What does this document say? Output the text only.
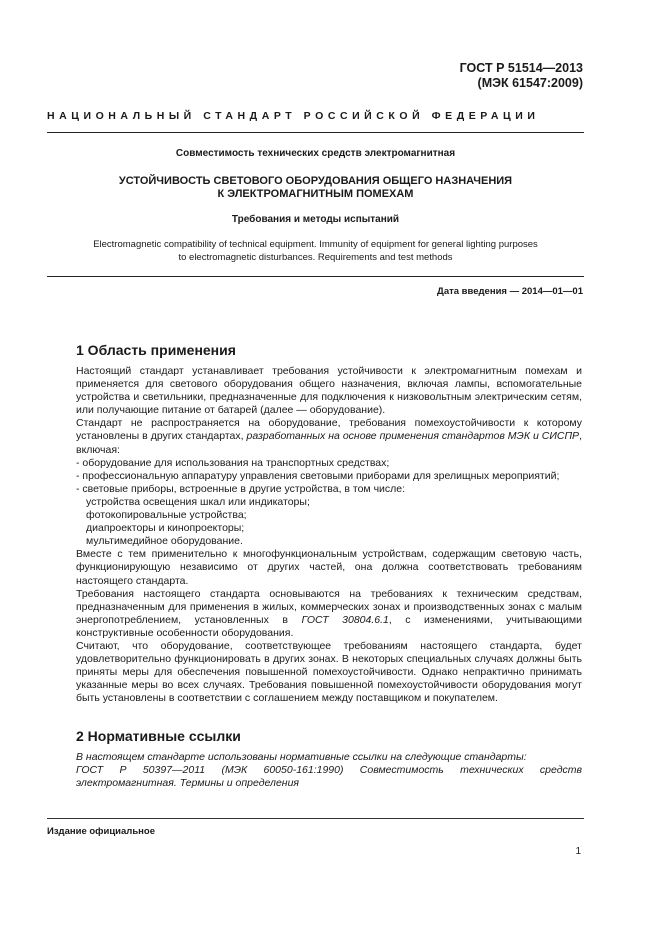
ГОСТ Р 51514—2013
(МЭК 61547:2009)
НАЦИОНАЛЬНЫЙ СТАНДАРТ РОССИЙСКОЙ ФЕДЕРАЦИИ
Совместимость технических средств электромагнитная
УСТОЙЧИВОСТЬ СВЕТОВОГО ОБОРУДОВАНИЯ ОБЩЕГО НАЗНАЧЕНИЯ
К ЭЛЕКТРОМАГНИТНЫМ ПОМЕХАМ
Требования и методы испытаний
Electromagnetic compatibility of technical equipment. Immunity of equipment for general lighting purposes
to electromagnetic disturbances. Requirements and test methods
Дата введения — 2014—01—01
1 Область применения

Настоящий стандарт устанавливает требования устойчивости к электромагнитным помехам и применяется для светового оборудования общего назначения, включая лампы, вспомогательные устройства и светильники, предназначенные для подключения к низковольтным электрическим сетям, или получающие питание от батарей (далее — оборудование).

Стандарт не распространяется на оборудование, требования помехоустойчивости к которому установлены в других стандартах, разработанных на основе применения стандартов МЭК и СИСПР, включая:

- оборудование для использования на транспортных средствах;
- профессиональную аппаратуру управления световыми приборами для зрелищных мероприятий;
- световые приборы, встроенные в другие устройства, в том числе:
устройства освещения шкал или индикаторы;
фотокопировальные устройства;
диапроекторы и кинопроекторы;
мультимедийное оборудование.

Вместе с тем применительно к многофункциональным устройствам, содержащим световую часть, функционирующую независимо от других частей, она должна соответствовать требованиям настоящего стандарта.

Требования настоящего стандарта основываются на требованиях к техническим средствам, предназначенным для применения в жилых, коммерческих зонах и производственных зонах с малым энергопотреблением, установленных в ГОСТ 30804.6.1, с изменениями, учитывающими конструктивные особенности оборудования.

Считают, что оборудование, соответствующее требованиям настоящего стандарта, будет удовлетворительно функционировать в других зонах. В некоторых специальных случаях должны быть приняты меры для обеспечения повышенной помехоустойчивости. Однако непрактично принимать указанные меры во всех случаях. Требования повышенной помехоустойчивости оборудования могут быть установлены в соответствии с соглашением между поставщиком и покупателем.

2 Нормативные ссылки

В настоящем стандарте использованы нормативные ссылки на следующие стандарты:

ГОСТ Р 50397—2011 (МЭК 60050-161:1990) Совместимость технических средств электромагнитная. Термины и определения

Издание официальное
1
